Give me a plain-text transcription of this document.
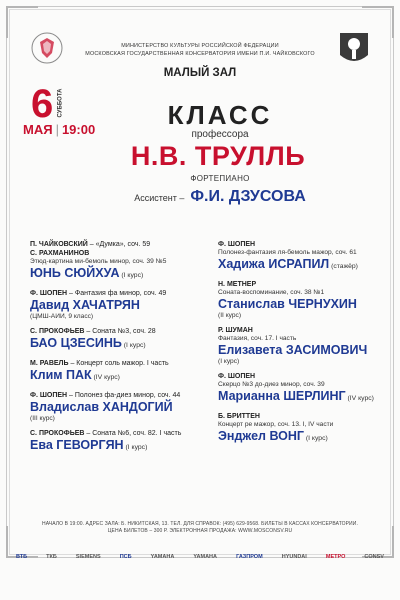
МИНИСТЕРСТВО КУЛЬТУРЫ РОССИЙСКОЙ ФЕДЕРАЦИИ
МОСКОВСКАЯ ГОСУДАРСТВЕННАЯ КОНСЕРВАТОРИЯ ИМЕНИ П.И. ЧАЙКОВСКОГО
МАЛЫЙ ЗАЛ
6 СУББОТА
МАЯ | 19:00	КЛАСС
профессора
Н.В. ТРУЛЛЬ
ФОРТЕПИАНО
Ассистент – Ф.И. ДЗУСОВА
П. ЧАЙКОВСКИЙ – «Думка», соч. 59
С. РАХМАНИНОВ
Этюд-картина ми-бемоль минор, соч. 39 №5
ЮНЬ СЮЙХУА (I курс)
Ф. ШОПЕН – Фантазия фа минор, соч. 49
Давид ХАЧАТРЯН
(ЦМШ-АИИ, 9 класс)
С. ПРОКОФЬЕВ – Соната №3, соч. 28
БАО ЦЗЕСИНЬ (I курс)
М. РАВЕЛЬ – Концерт соль мажор. I часть
Клим ПАК (IV курс)
Ф. ШОПЕН – Полонез фа-диез минор, соч. 44
Владислав ХАНДОГИЙ
(III курс)
С. ПРОКОФЬЕВ – Соната №6, соч. 82. I часть
Ева ГЕВОРГЯН (I курс)
Ф. ШОПЕН
Полонез-фантазия ля-бемоль мажор, соч. 61
Хадижа ИСРАПИЛ (стажёр)
Н. МЕТНЕР
Соната-воспоминание, соч. 38 №1
Станислав ЧЕРНУХИН
(II курс)
Р. ШУМАН
Фантазия, соч. 17. I часть
Елизавета ЗАСИМОВИЧ
(I курс)
Ф. ШОПЕН
Скерцо №3 до-диез минор, соч. 39
Марианна ШЕРЛИНГ (IV курс)
Б. БРИТТЕН
Концерт ре мажор, соч. 13. I, IV части
Энджел ВОНГ (I курс)
НАЧАЛО В 19:00. АДРЕС ЗАЛА: Б. НИКИТСКАЯ, 13. ТЕЛ. ДЛЯ СПРАВОК: (495) 629-9568. БИЛЕТЫ В КАССАХ КОНСЕРВАТОРИИ.
ЦЕНА БИЛЕТОВ – 300 Р. ЭЛЕКТРОННАЯ ПРОДАЖА: WWW.MOSCONSV.RU
ВТБ	ТКБ	SIEMENS	ПСБ	YAMAHA	YAMAHA	ГАЗПРОМ	HYUNDAI	МЕТРО	CONSV
